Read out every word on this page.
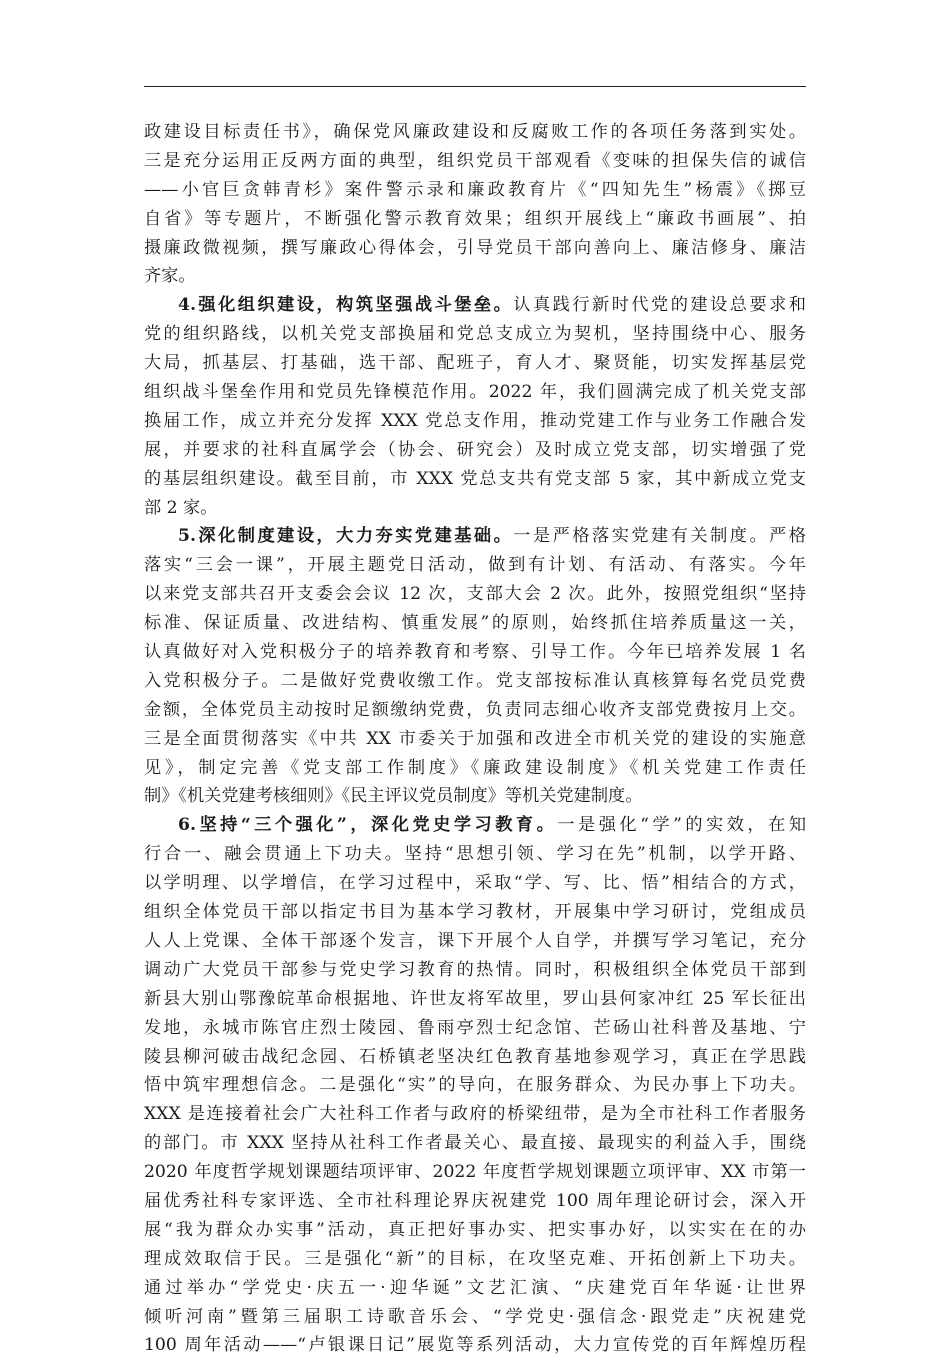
政建设目标责任书》，确保党风廉政建设和反腐败工作的各项任务落到实处。
三是充分运用正反两方面的典型，组织党员干部观看《变味的担保失信的诚信
——小官巨贪韩青杉》案件警示录和廉政教育片《“四知先生”杨震》《掷豆
自省》等专题片，不断强化警示教育效果；组织开展线上“廉政书画展”、拍
摄廉政微视频，撰写廉政心得体会，引导党员干部向善向上、廉洁修身、廉洁
齐家。
4.强化组织建设，构筑坚强战斗堡垒。认真践行新时代党的建设总要求和
党的组织路线，以机关党支部换届和党总支成立为契机，坚持围绕中心、服务
大局，抓基层、打基础，选干部、配班子，育人才、聚贤能，切实发挥基层党
组织战斗堡垒作用和党员先锋模范作用。2022 年，我们圆满完成了机关党支部
换届工作，成立并充分发挥 XXX 党总支作用，推动党建工作与业务工作融合发
展，并要求的社科直属学会（协会、研究会）及时成立党支部，切实增强了党
的基层组织建设。截至目前，市 XXX 党总支共有党支部 5 家，其中新成立党支
部 2 家。
5.深化制度建设，大力夯实党建基础。一是严格落实党建有关制度。严格
落实“三会一课”，开展主题党日活动，做到有计划、有活动、有落实。今年
以来党支部共召开支委会会议 12 次，支部大会 2 次。此外，按照党组织“坚持
标准、保证质量、改进结构、慎重发展”的原则，始终抓住培养质量这一关，
认真做好对入党积极分子的培养教育和考察、引导工作。今年已培养发展 1 名
入党积极分子。二是做好党费收缴工作。党支部按标准认真核算每名党员党费
金额，全体党员主动按时足额缴纳党费，负责同志细心收齐支部党费按月上交。
三是全面贯彻落实《中共 XX 市委关于加强和改进全市机关党的建设的实施意
见》，制定完善《党支部工作制度》《廉政建设制度》《机关党建工作责任
制》《机关党建考核细则》《民主评议党员制度》等机关党建制度。
6.坚持“三个强化”，深化党史学习教育。一是强化“学”的实效，在知
行合一、融会贯通上下功夫。坚持“思想引领、学习在先”机制，以学开路、
以学明理、以学增信，在学习过程中，采取“学、写、比、悟”相结合的方式，
组织全体党员干部以指定书目为基本学习教材，开展集中学习研讨，党组成员
人人上党课、全体干部逐个发言，课下开展个人自学，并撰写学习笔记，充分
调动广大党员干部参与党史学习教育的热情。同时，积极组织全体党员干部到
新县大别山鄂豫皖革命根据地、许世友将军故里，罗山县何家冲红 25 军长征出
发地，永城市陈官庄烈士陵园、鲁雨亭烈士纪念馆、芒砀山社科普及基地、宁
陵县柳河破击战纪念园、石桥镇老坚决红色教育基地参观学习，真正在学思践
悟中筑牢理想信念。二是强化“实”的导向，在服务群众、为民办事上下功夫。
XXX 是连接着社会广大社科工作者与政府的桥梁纽带，是为全市社科工作者服务
的部门。市 XXX 坚持从社科工作者最关心、最直接、最现实的利益入手，围绕
2020 年度哲学规划课题结项评审、2022 年度哲学规划课题立项评审、XX 市第一
届优秀社科专家评选、全市社科理论界庆祝建党 100 周年理论研讨会，深入开
展“我为群众办实事”活动，真正把好事办实、把实事办好，以实实在在的办
理成效取信于民。三是强化“新”的目标，在攻坚克难、开拓创新上下功夫。
通过举办“学党史·庆五一·迎华诞”文艺汇演、“庆建党百年华诞·让世界
倾听河南”暨第三届职工诗歌音乐会、“学党史·强信念·跟党走”庆祝建党
100 周年活动——“卢银课日记”展览等系列活动，大力宣传党的百年辉煌历程
